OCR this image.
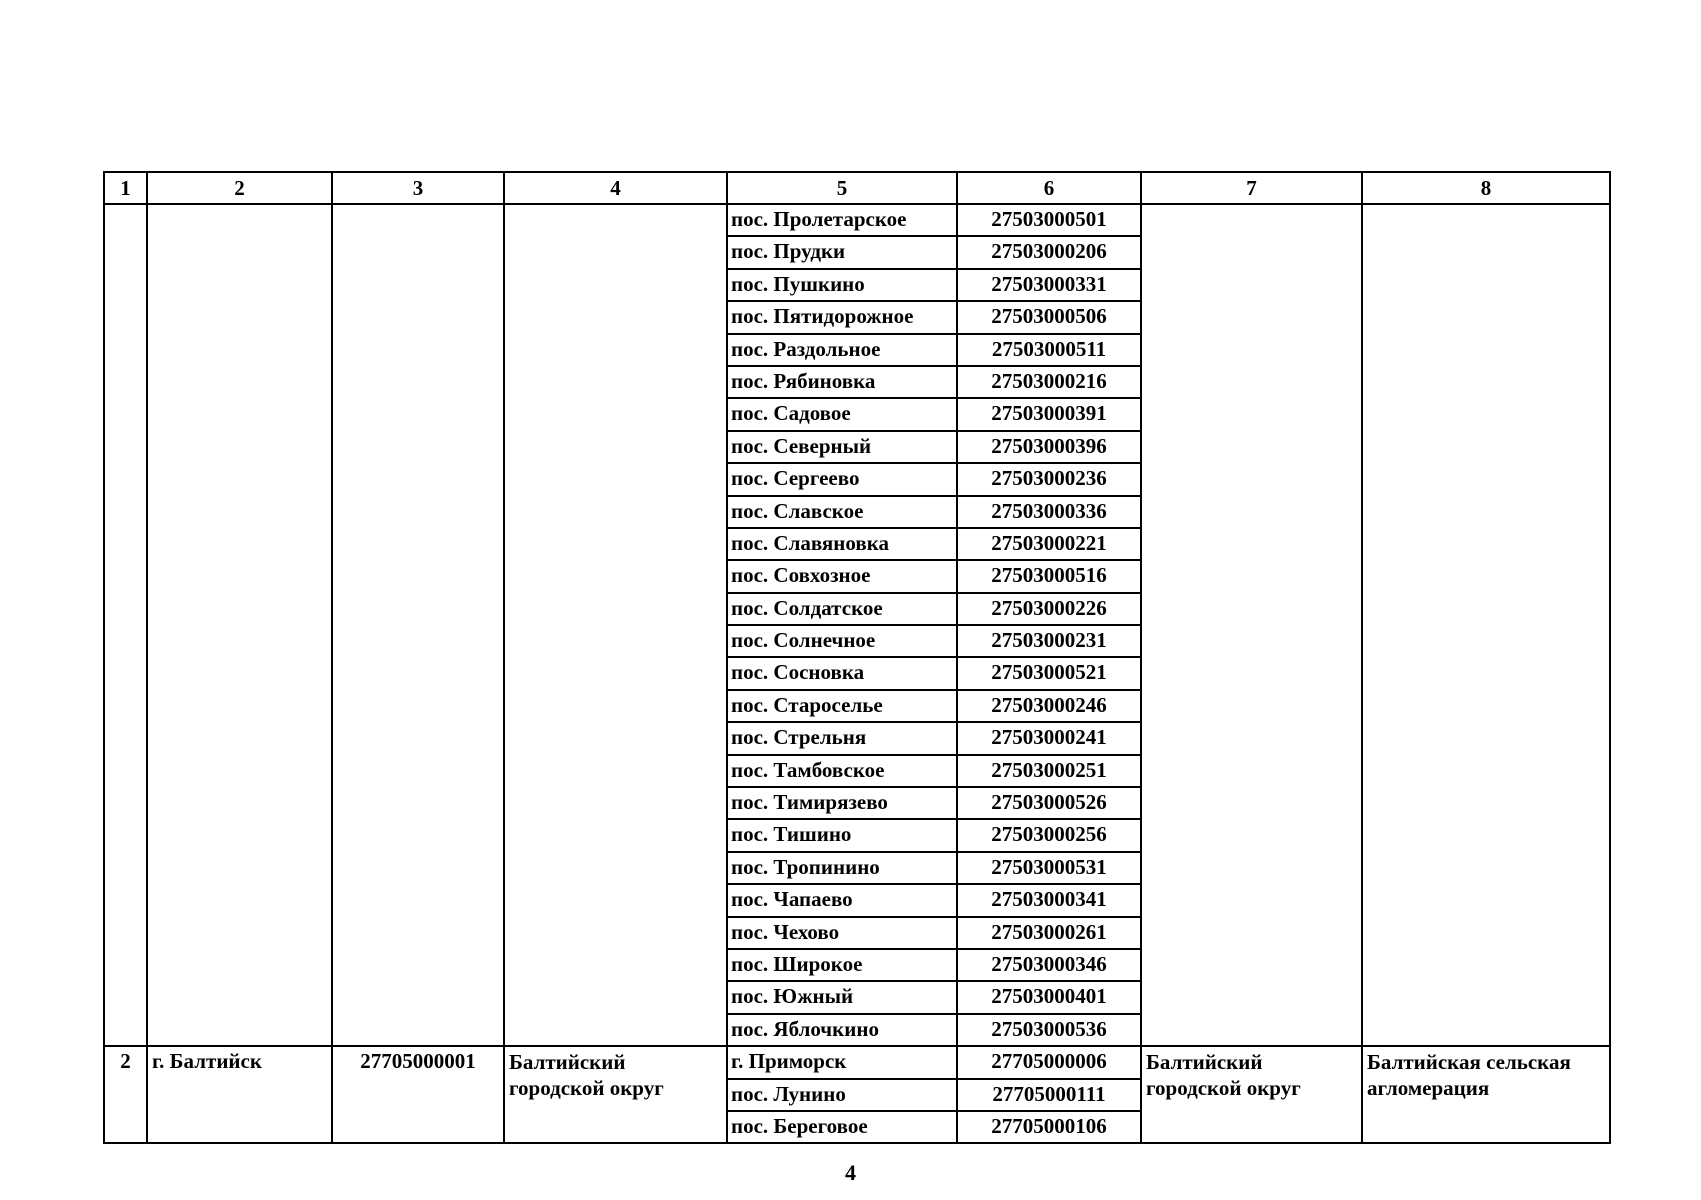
1	2	3	4	5	6	7	8
				пос. Пролетарское	27503000501		
				пос. Прудки	27503000206		
				пос. Пушкино	27503000331		
				пос. Пятидорожное	27503000506		
				пос. Раздольное	27503000511		
				пос. Рябиновка	27503000216		
				пос. Садовое	27503000391		
				пос. Северный	27503000396		
				пос. Сергеево	27503000236		
				пос. Славское	27503000336		
				пос. Славяновка	27503000221		
				пос. Совхозное	27503000516		
				пос. Солдатское	27503000226		
				пос. Солнечное	27503000231		
				пос. Сосновка	27503000521		
				пос. Староселье	27503000246		
				пос. Стрельня	27503000241		
				пос. Тамбовское	27503000251		
				пос. Тимирязево	27503000526		
				пос. Тишино	27503000256		
				пос. Тропинино	27503000531		
				пос. Чапаево	27503000341		
				пос. Чехово	27503000261		
				пос. Широкое	27503000346		
				пос. Южный	27503000401		
				пос. Яблочкино	27503000536		
2	г. Балтийск	27705000001	Балтийский городской округ	г. Приморск	27705000006	Балтийский городской округ	Балтийская сельская агломерация
				пос. Лунино	27705000111		
				пос. Береговое	27705000106		
4
